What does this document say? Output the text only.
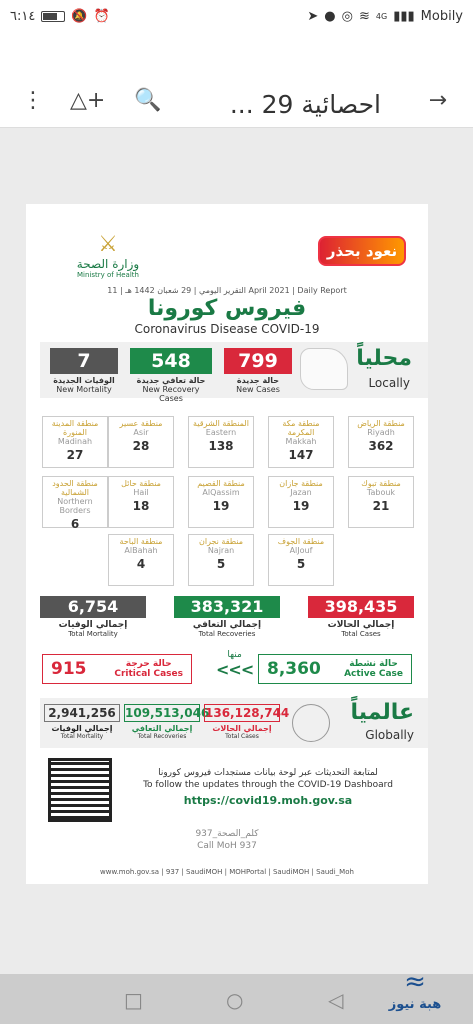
٦:١٤	🔕 ⏰	➤ ● ◎ ≋ 4G ▮▮▮ Mobily
⋮ △+ 🔍	احصائية 29 ... →
⚔
وزارة الصحة
Ministry of Health
نعود بحذر
التقرير اليومي | 29 شعبان 1442 هـ | 11 April 2021 | Daily Report
فيروس كورونا
Coronavirus Disease COVID-19
7
الوفيات الجديدة
New Mortality
548
حالة تعافي جديدة
New Recovery Cases
799
حالة جديدة
New Cases
محلياً
Locally
منطقة الرياض
Riyadh
362
منطقة مكة المكرمة
Makkah
147
المنطقة الشرقية
Eastern
138
منطقة عسير
Asir
28
منطقة المدينة المنورة
Madinah
27
منطقة تبوك
Tabouk
21
منطقة جازان
Jazan
19
منطقة القصيم
AlQassim
19
منطقة حائل
Hail
18
منطقة الحدود الشمالية
Northern Borders
6
منطقة الجوف
AlJouf
5
منطقة نجران
Najran
5
منطقة الباحة
AlBahah
4
6,754
إجمالي الوفيات
Total Mortality
383,321
إجمالي التعافي
Total Recoveries
398,435
إجمالي الحالات
Total Cases
915	حالة حرجة
Critical Cases
منها
<<< 8,360	حالة نشطة
Active Case
2,941,256
إجمالي الوفيات
Total Mortality
109,513,046
إجمالي التعافي
Total Recoveries
136,128,744
إجمالي الحالات
Total Cases
عالمياً
Globally
لمتابعة التحديثات عبر لوحة بيانات مستجدات فيروس كورونا
To follow the updates through the COVID-19 Dashboard
https://covid19.moh.gov.sa
كلم_الصحة_937
Call MoH 937
www.moh.gov.sa | 937 | SaudiMOH | MOHPortal | SaudiMOH | Saudi_Moh
□	○	◁
≈
هبة نيوز
